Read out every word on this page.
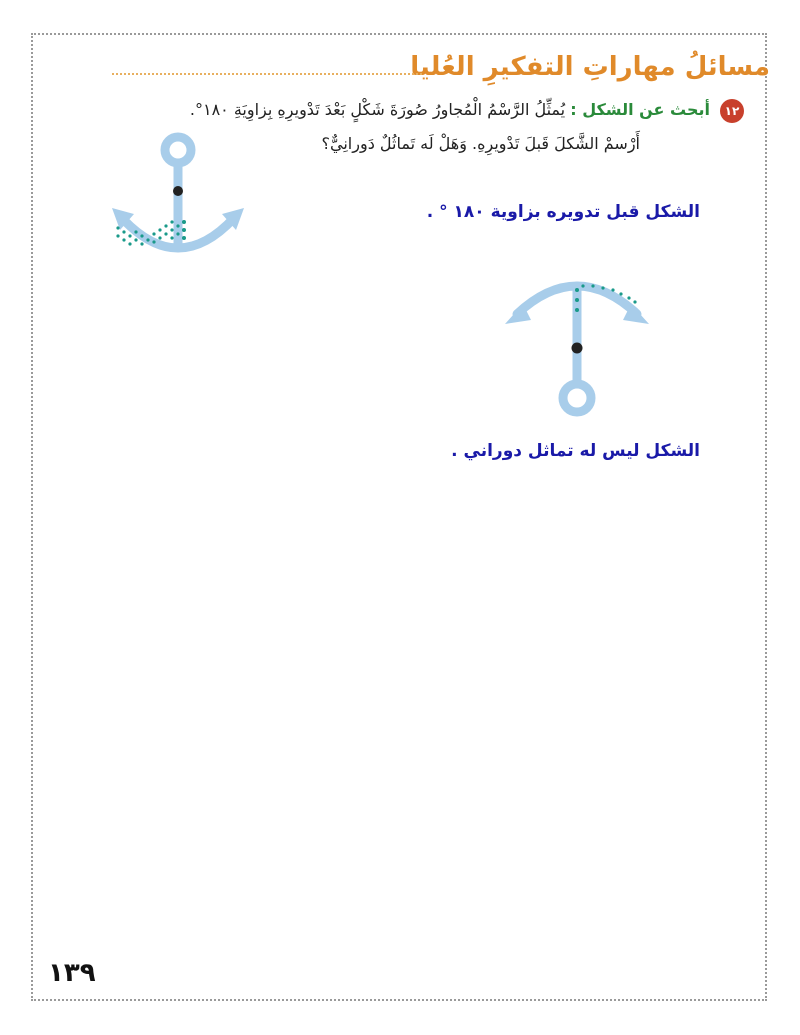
مسائلُ مهاراتِ التفكيرِ العُليا
١٢
أبحث عن الشكل : يُمثِّلُ الرَّسْمُ الْمُجاورُ صُورَةَ شَكْلٍ بَعْدَ تَدْويرِهِ بِزاوِيَةِ ١٨٠°.
أَرْسمْ الشَّكلَ قَبلَ تَدْويرِهِ. وَهَلْ لَه تَماثُلٌ دَورانِيٌّ؟
الشكل قبل تدويره بزاوية ١٨٠ ° .
الشكل ليس له تماثل دوراني .
١٣٩
